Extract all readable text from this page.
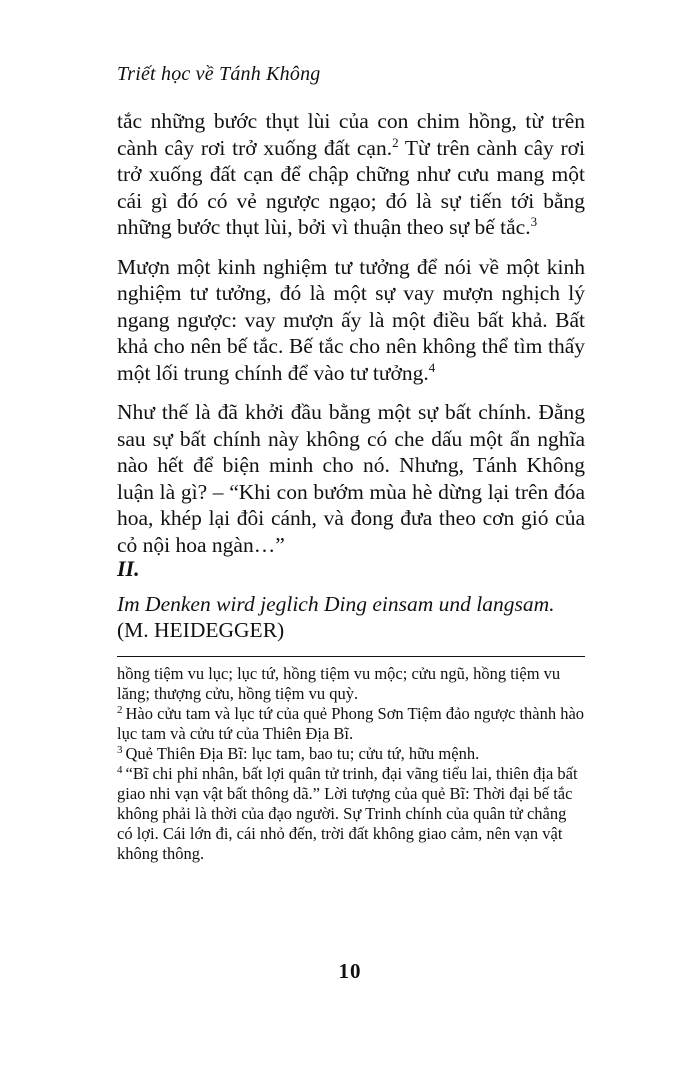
Triết học về Tánh Không

tắc những bước thụt lùi của con chim hồng, từ trên cành cây rơi trở xuống đất cạn.$^2$ Từ trên cành cây rơi trở xuống đất cạn để chập chững như cưu mang một cái gì đó có vẻ ngược ngạo; đó là sự tiến tới bằng những bước thụt lùi, bởi vì thuận theo sự bế tắc.$^3$

Mượn một kinh nghiệm tư tưởng để nói về một kinh nghiệm tư tưởng, đó là một sự vay mượn nghịch lý ngang ngược: vay mượn ấy là một điều bất khả. Bất khả cho nên bế tắc. Bế tắc cho nên không thể tìm thấy một lối trung chính để vào tư tưởng.$^4$

Như thế là đã khởi đầu bằng một sự bất chính. Đằng sau sự bất chính này không có che dấu một ẩn nghĩa nào hết để biện minh cho nó. Nhưng, Tánh Không luận là gì? – “Khi con bướm mùa hè dừng lại trên đóa hoa, khép lại đôi cánh, và đong đưa theo cơn gió của cỏ nội hoa ngàn…”

II.
Im Denken wird jeglich Ding einsam und langsam.
(M. HEIDEGGER)

hồng tiệm vu lục; lục tứ, hồng tiệm vu mộc; cửu ngũ, hồng tiệm vu lăng; thượng cửu, hồng tiệm vu quỳ.

$^2$ Hào cửu tam và lục tứ của quẻ Phong Sơn Tiệm đảo ngược thành hào lục tam và cửu tứ của Thiên Địa Bĩ.

$^3$ Quẻ Thiên Địa Bĩ: lục tam, bao tu; cửu tứ, hữu mệnh.

$^4$ “Bĩ chi phỉ nhân, bất lợi quân tử trinh, đại vãng tiểu lai, thiên địa bất giao nhi vạn vật bất thông dã.” Lời tượng của quẻ Bĩ: Thời đại bế tắc không phải là thời của đạo người. Sự Trinh chính của quân tử chẳng có lợi. Cái lớn đi, cái nhỏ đến, trời đất không giao cảm, nên vạn vật không thông.

10
